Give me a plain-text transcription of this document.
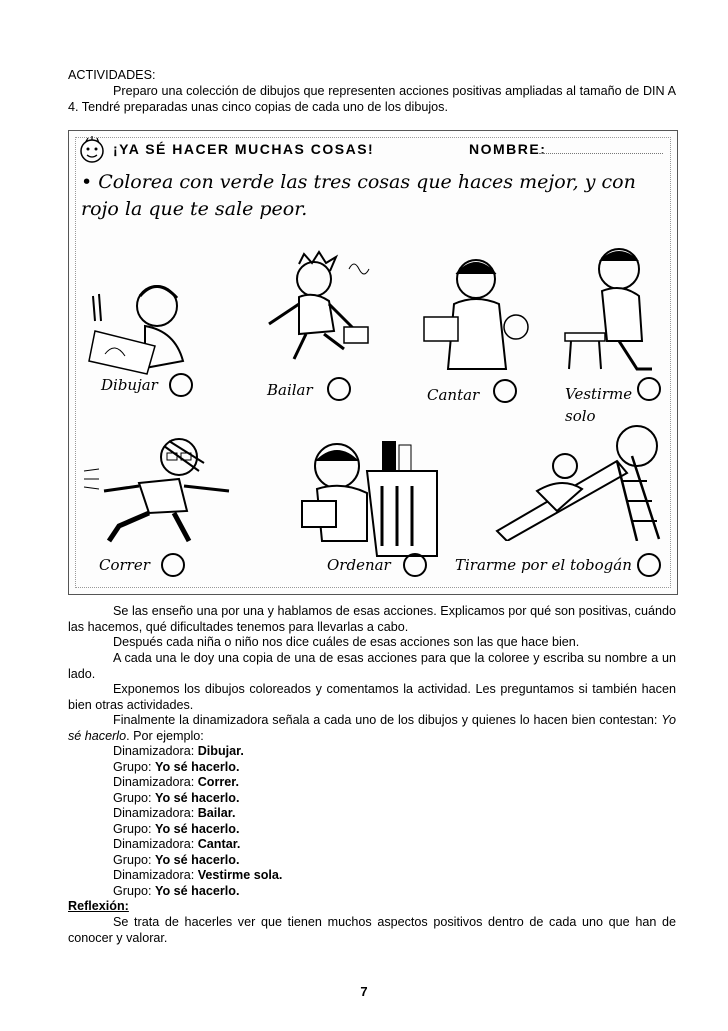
ACTIVIDADES:
Preparo una colección de dibujos que representen acciones positivas ampliadas al tamaño de DIN A 4. Tendré preparadas unas cinco copias de cada uno de los dibujos.
¡YA SÉ HACER MUCHAS COSAS!	NOMBRE:
• Colorea con verde las tres cosas que haces mejor, y con rojo la que te sale peor.
Dibujar	Bailar	Cantar	Vestirme solo
Correr	Ordenar	Tirarme por el tobogán
Se las enseño una por una y hablamos de esas acciones. Explicamos por qué son positivas, cuándo las hacemos, qué dificultades tenemos para llevarlas a cabo.
Después cada niña o niño nos dice cuáles de esas acciones son las que hace bien.
A cada una le doy una copia de una de esas acciones para que la coloree y escriba su nombre a un lado.
Exponemos los dibujos coloreados y comentamos la actividad. Les preguntamos si también hacen bien otras actividades.
Finalmente la dinamizadora señala a cada uno de los dibujos y quienes lo hacen bien contestan: Yo sé hacerlo. Por ejemplo:
Dinamizadora: Dibujar.
Grupo: Yo sé hacerlo.
Dinamizadora: Correr.
Grupo: Yo sé hacerlo.
Dinamizadora: Bailar.
Grupo: Yo sé hacerlo.
Dinamizadora: Cantar.
Grupo: Yo sé hacerlo.
Dinamizadora: Vestirme sola.
Grupo: Yo sé hacerlo.
Reflexión:
Se trata de hacerles ver que tienen muchos aspectos positivos dentro de cada uno que han de conocer y valorar.
7
